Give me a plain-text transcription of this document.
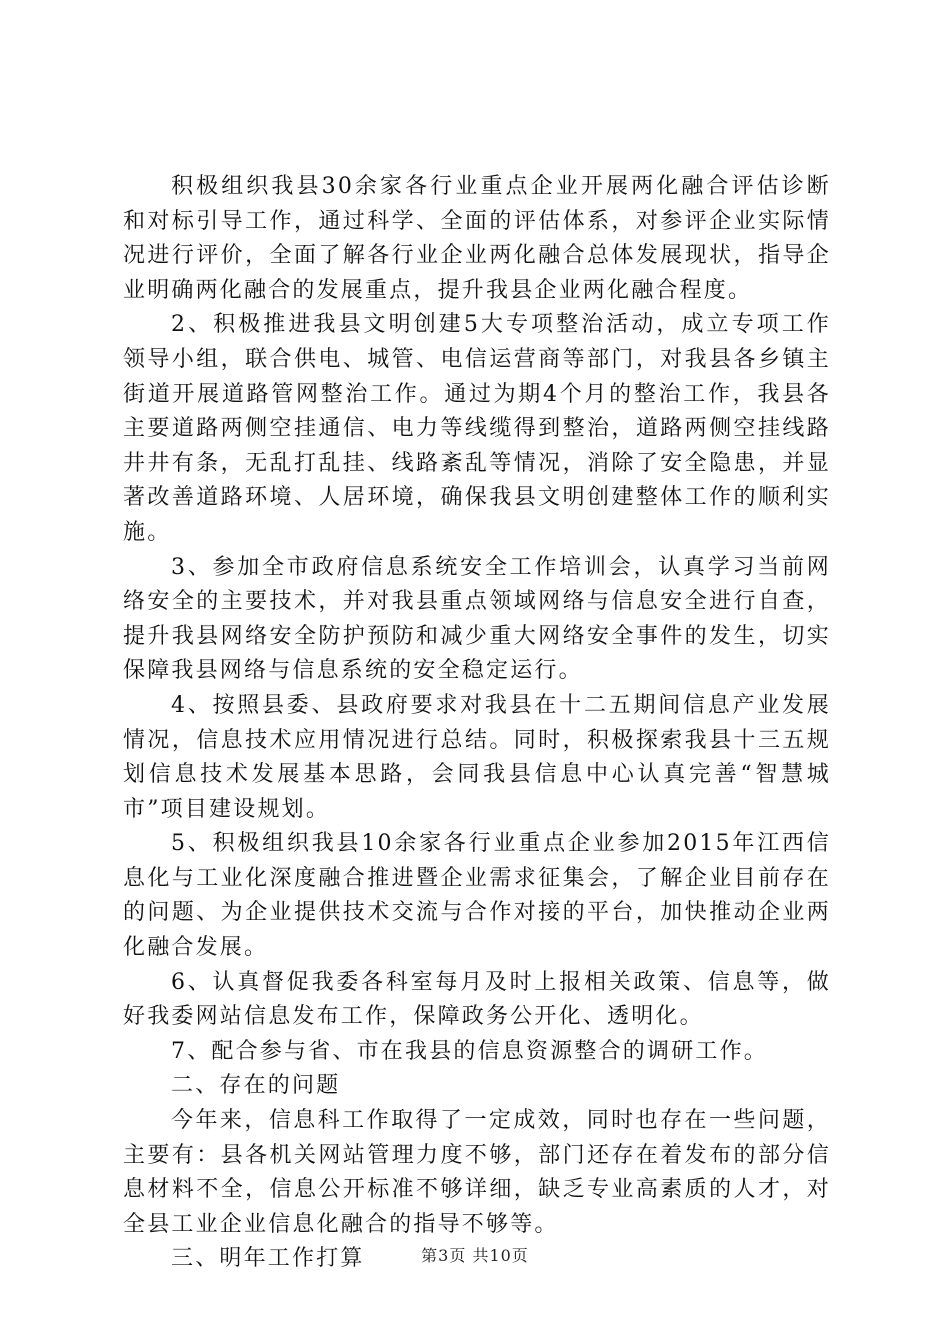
积极组织我县30余家各行业重点企业开展两化融合评估诊断和对标引导工作，通过科学、全面的评估体系，对参评企业实际情况进行评价，全面了解各行业企业两化融合总体发展现状，指导企业明确两化融合的发展重点，提升我县企业两化融合程度。

2、积极推进我县文明创建5大专项整治活动，成立专项工作领导小组，联合供电、城管、电信运营商等部门，对我县各乡镇主街道开展道路管网整治工作。通过为期4个月的整治工作，我县各主要道路两侧空挂通信、电力等线缆得到整治，道路两侧空挂线路井井有条，无乱打乱挂、线路紊乱等情况，消除了安全隐患，并显著改善道路环境、人居环境，确保我县文明创建整体工作的顺利实施。

3、参加全市政府信息系统安全工作培训会，认真学习当前网络安全的主要技术，并对我县重点领域网络与信息安全进行自查，提升我县网络安全防护预防和减少重大网络安全事件的发生，切实保障我县网络与信息系统的安全稳定运行。

4、按照县委、县政府要求对我县在十二五期间信息产业发展情况，信息技术应用情况进行总结。同时，积极探索我县十三五规划信息技术发展基本思路，会同我县信息中心认真完善“智慧城市”项目建设规划。

5、积极组织我县10余家各行业重点企业参加2015年江西信息化与工业化深度融合推进暨企业需求征集会，了解企业目前存在的问题、为企业提供技术交流与合作对接的平台，加快推动企业两化融合发展。

6、认真督促我委各科室每月及时上报相关政策、信息等，做好我委网站信息发布工作，保障政务公开化、透明化。

7、配合参与省、市在我县的信息资源整合的调研工作。

二、存在的问题

今年来，信息科工作取得了一定成效，同时也存在一些问题，主要有：县各机关网站管理力度不够，部门还存在着发布的部分信息材料不全，信息公开标准不够详细，缺乏专业高素质的人才，对全县工业企业信息化融合的指导不够等。

三、明年工作打算	第3页 共10页
